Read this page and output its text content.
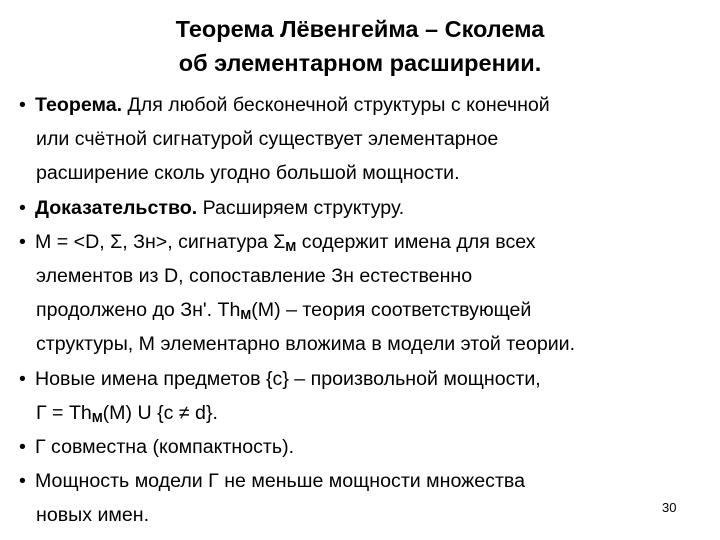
Теорема Лёвенгейма – Сколема
об элементарном расширении.
• Теорема. Для любой бесконечной структуры с конечной
или счётной сигнатурой существует элементарное
расширение сколь угодно большой мощности.
• Доказательство. Расширяем структуру.
• M = <D, Σ, Зн>, сигнатура $\Sigma_M$ содержит имена для всех
элементов из D, сопоставление Зн естественно
продолжено до Зн'. $Th_M(M)$ – теория соответствующей
структуры, M элементарно вложима в модели этой теории.
• Новые имена предметов {c} – произвольной мощности,
$Г = Th_M(M)$ U {c ≠ d}.
• Г совместна (компактность).
• Мощность модели Г не меньше мощности множества
новых имен.	30
